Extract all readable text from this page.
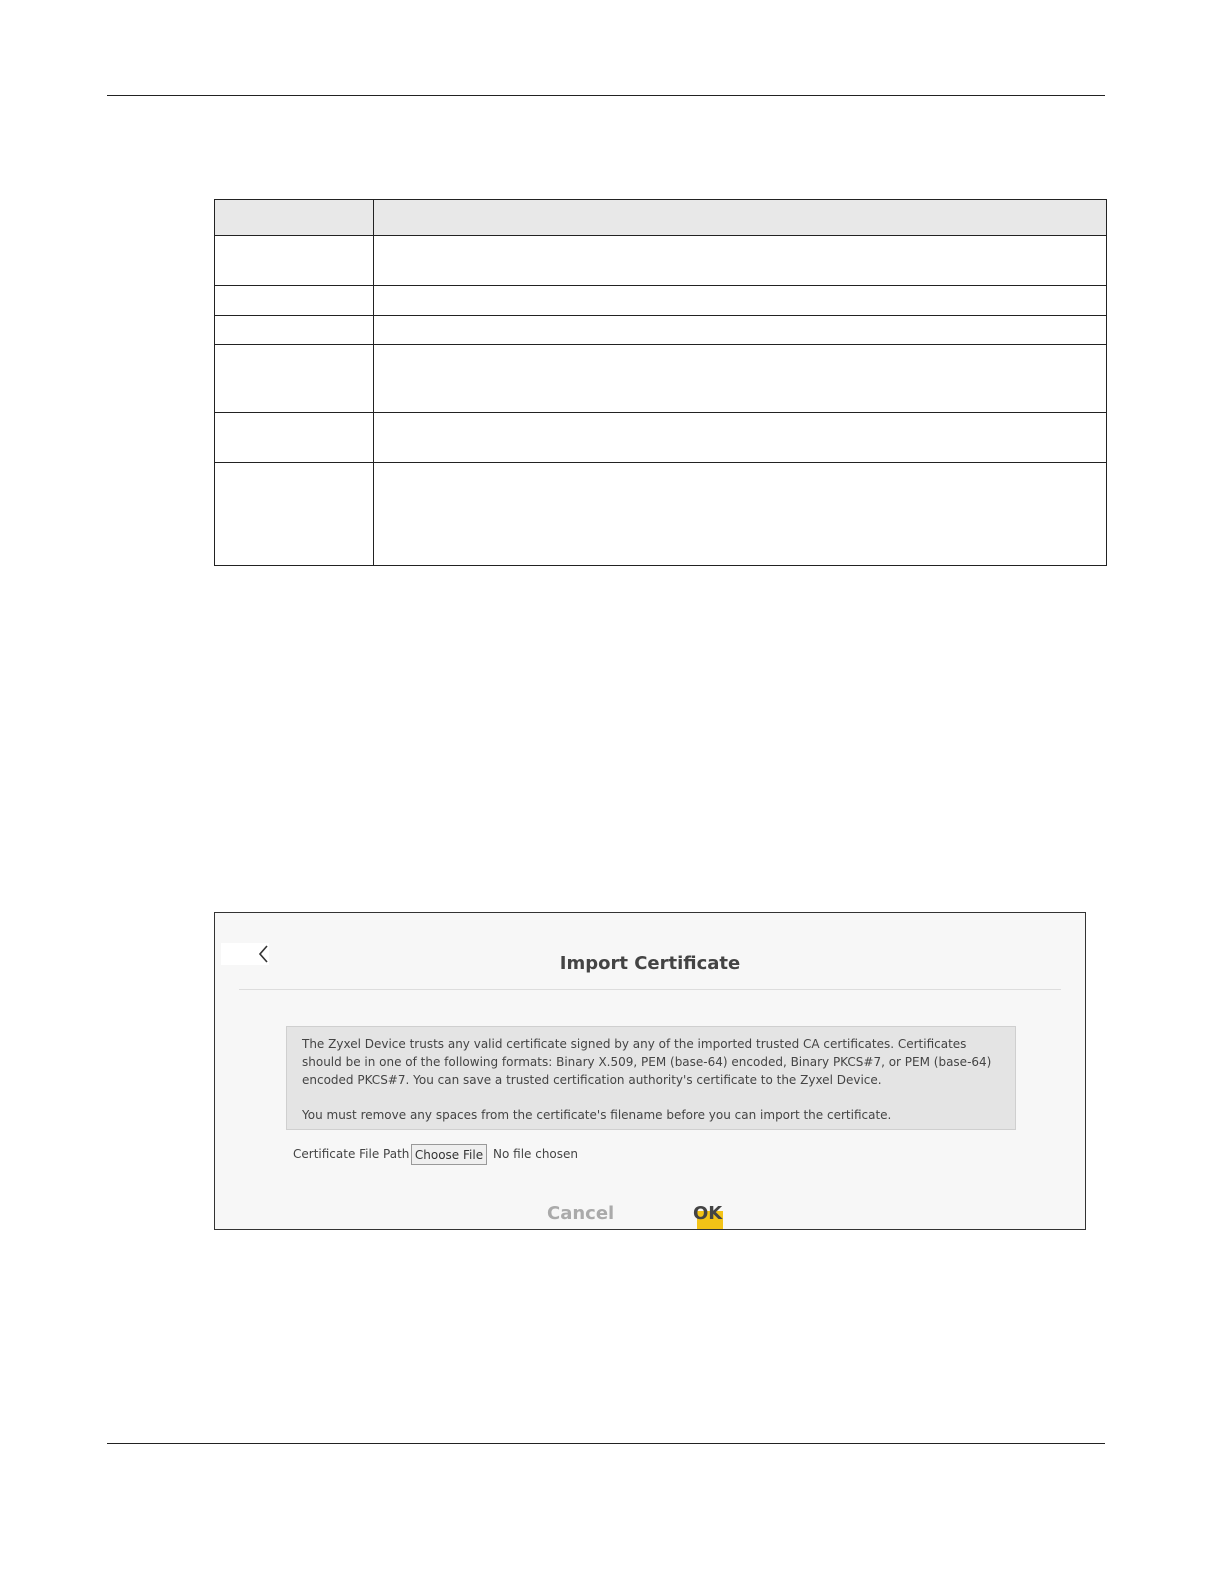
Import Certificate

The Zyxel Device trusts any valid certificate signed by any of the imported trusted CA certificates. Certificates should be in one of the following formats: Binary X.509, PEM (base-64) encoded, Binary PKCS#7, or PEM (base-64) encoded PKCS#7. You can save a trusted certification authority's certificate to the Zyxel Device.

You must remove any spaces from the certificate's filename before you can import the certificate.

Certificate File Path Choose File No file chosen
Cancel	OK
